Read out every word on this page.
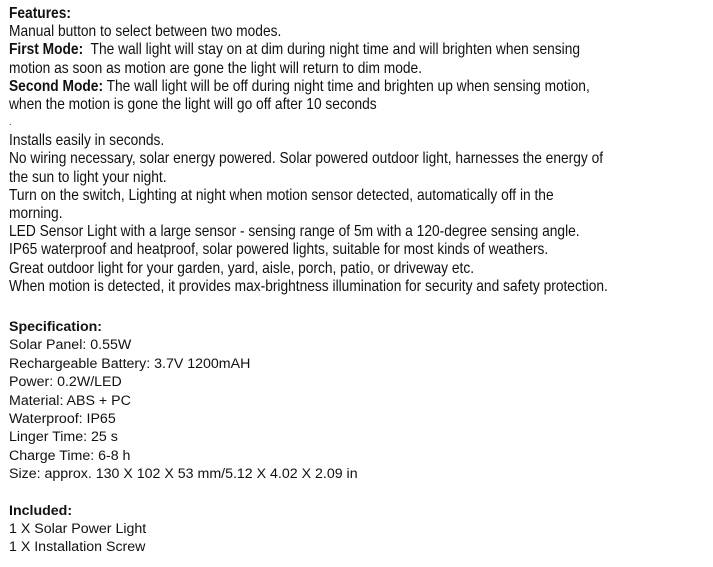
Features:
Manual button to select between two modes.
First Mode:  The wall light will stay on at dim during night time and will brighten when sensing
motion as soon as motion are gone the light will return to dim mode.
Second Mode: The wall light will be off during night time and brighten up when sensing motion,
when the motion is gone the light will go off after 10 seconds
.
Installs easily in seconds.
No wiring necessary, solar energy powered. Solar powered outdoor light, harnesses the energy of
the sun to light your night.
Turn on the switch, Lighting at night when motion sensor detected, automatically off in the
morning.
LED Sensor Light with a large sensor - sensing range of 5m with a 120-degree sensing angle.
IP65 waterproof and heatproof, solar powered lights, suitable for most kinds of weathers.
Great outdoor light for your garden, yard, aisle, porch, patio, or driveway etc.
When motion is detected, it provides max-brightness illumination for security and safety protection.
Specification:
Solar Panel: 0.55W
Rechargeable Battery: 3.7V 1200mAH
Power: 0.2W/LED
Material: ABS + PC
Waterproof: IP65
Linger Time: 25 s
Charge Time: 6-8 h
Size: approx. 130 X 102 X 53 mm/5.12 X 4.02 X 2.09 in
Included:
1 X Solar Power Light
1 X Installation Screw
